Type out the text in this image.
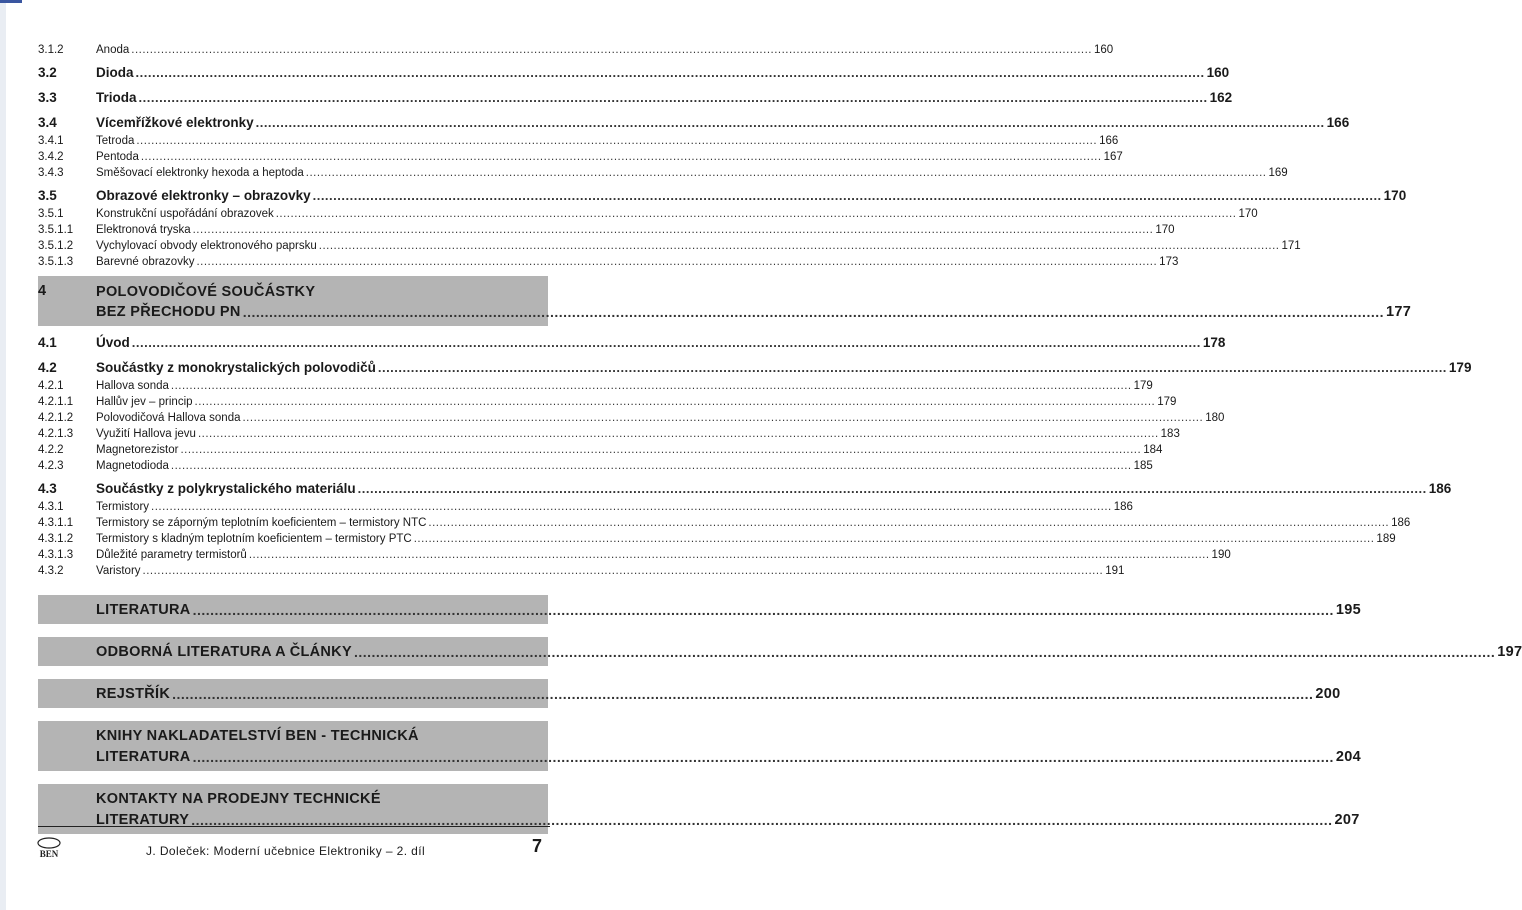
3.1.2	Anoda .....	160
3.2	Dioda .....	160
3.3	Trioda .....	162
3.4	Vícemřížkové elektronky .....	166
3.4.1	Tetroda .....	166
3.4.2	Pentoda .....	167
3.4.3	Směšovací elektronky hexoda a heptoda .....	169
3.5	Obrazové elektronky – obrazovky .....	170
3.5.1	Konstrukční uspořádání obrazovek .....	170
3.5.1.1	Elektronová tryska .....	170
3.5.1.2	Vychylovací obvody elektronového paprsku .....	171
3.5.1.3	Barevné obrazovky .....	173
4	POLOVODIČOVÉ SOUČÁSTKY
BEZ PŘECHODU PN .....	177
4.1	Úvod .....	178
4.2	Součástky z monokrystalických polovodičů .....	179
4.2.1	Hallova sonda .....	179
4.2.1.1	Hallův jev – princip .....	179
4.2.1.2	Polovodičová Hallova sonda .....	180
4.2.1.3	Využití Hallova jevu .....	183
4.2.2	Magnetorezistor .....	184
4.2.3	Magnetodioda .....	185
4.3	Součástky z polykrystalického materiálu .....	186
4.3.1	Termistory .....	186
4.3.1.1	Termistory se záporným teplotním koeficientem – termistory NTC .....	186
4.3.1.2	Termistory s kladným teplotním koeficientem – termistory PTC .....	189
4.3.1.3	Důležité parametry termistorů .....	190
4.3.2	Varistory .....	191
LITERATURA .....	195
ODBORNÁ LITERATURA A ČLÁNKY .....	197
REJSTŘÍK .....	200
KNIHY NAKLADATELSTVÍ BEN - TECHNICKÁ
LITERATURA .....	204
KONTAKTY NA PRODEJNY TECHNICKÉ
LITERATURY .....	207
BEN	J. Doleček: Moderní učebnice Elektroniky – 2. díl	7
